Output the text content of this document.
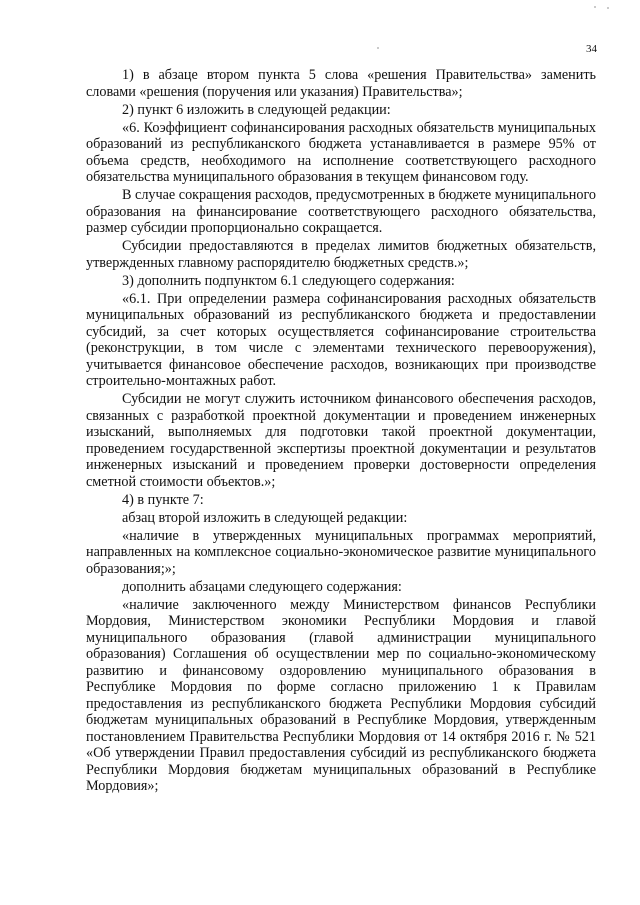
34

1) в абзаце втором пункта 5 слова «решения Правительства» заменить словами «решения (поручения или указания) Правительства»;

2) пункт 6 изложить в следующей редакции:

«6. Коэффициент софинансирования расходных обязательств муниципальных образований из республиканского бюджета устанавливается в размере 95% от объема средств, необходимого на исполнение соответствующего расходного обязательства муниципального образования в текущем финансовом году.

В случае сокращения расходов, предусмотренных в бюджете муниципального образования на финансирование соответствующего расходного обязательства, размер субсидии пропорционально сокращается.

Субсидии предоставляются в пределах лимитов бюджетных обязательств, утвержденных главному распорядителю бюджетных средств.»;

3) дополнить подпунктом 6.1 следующего содержания:

«6.1. При определении размера софинансирования расходных обязательств муниципальных образований из республиканского бюджета и предоставлении субсидий, за счет которых осуществляется софинансирование строительства (реконструкции, в том числе с элементами технического перевооружения), учитывается финансовое обеспечение расходов, возникающих при производстве строительно-монтажных работ.

Субсидии не могут служить источником финансового обеспечения расходов, связанных с разработкой проектной документации и проведением инженерных изысканий, выполняемых для подготовки такой проектной документации, проведением государственной экспертизы проектной документации и результатов инженерных изысканий и проведением проверки достоверности определения сметной стоимости объектов.»;

4) в пункте 7:

абзац второй изложить в следующей редакции:

«наличие в утвержденных муниципальных программах мероприятий, направленных на комплексное социально-экономическое развитие муниципального образования;»;

дополнить абзацами следующего содержания:

«наличие заключенного между Министерством финансов Республики Мордовия, Министерством экономики Республики Мордовия и главой муниципального образования (главой администрации муниципального образования) Соглашения об осуществлении мер по социально-экономическому развитию и финансовому оздоровлению муниципального образования в Республике Мордовия по форме согласно приложению 1 к Правилам предоставления из республиканского бюджета Республики Мордовия субсидий бюджетам муниципальных образований в Республике Мордовия, утвержденным постановлением Правительства Республики Мордовия от 14 октября 2016 г. № 521 «Об утверждении Правил предоставления субсидий из республиканского бюджета Республики Мордовия бюджетам муниципальных образований в Республике Мордовия»;
